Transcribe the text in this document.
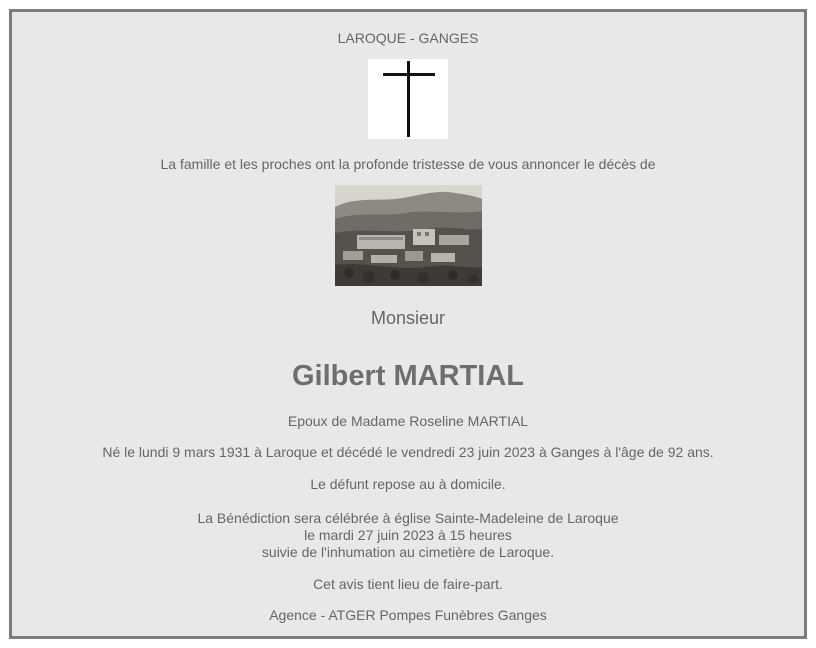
LAROQUE - GANGES

La famille et les proches ont la profonde tristesse de vous annoncer le décès de

Monsieur

Gilbert MARTIAL

Epoux de Madame Roseline MARTIAL

Né le lundi 9 mars 1931 à Laroque et décédé le vendredi 23 juin 2023 à Ganges à l'âge de 92 ans.

Le défunt repose au à domicile.

La Bénédiction sera célébrée à église Sainte-Madeleine de Laroque

le mardi 27 juin 2023 à 15 heures

suivie de l'inhumation au cimetière de Laroque.

Cet avis tient lieu de faire-part.

Agence - ATGER Pompes Funèbres Ganges
